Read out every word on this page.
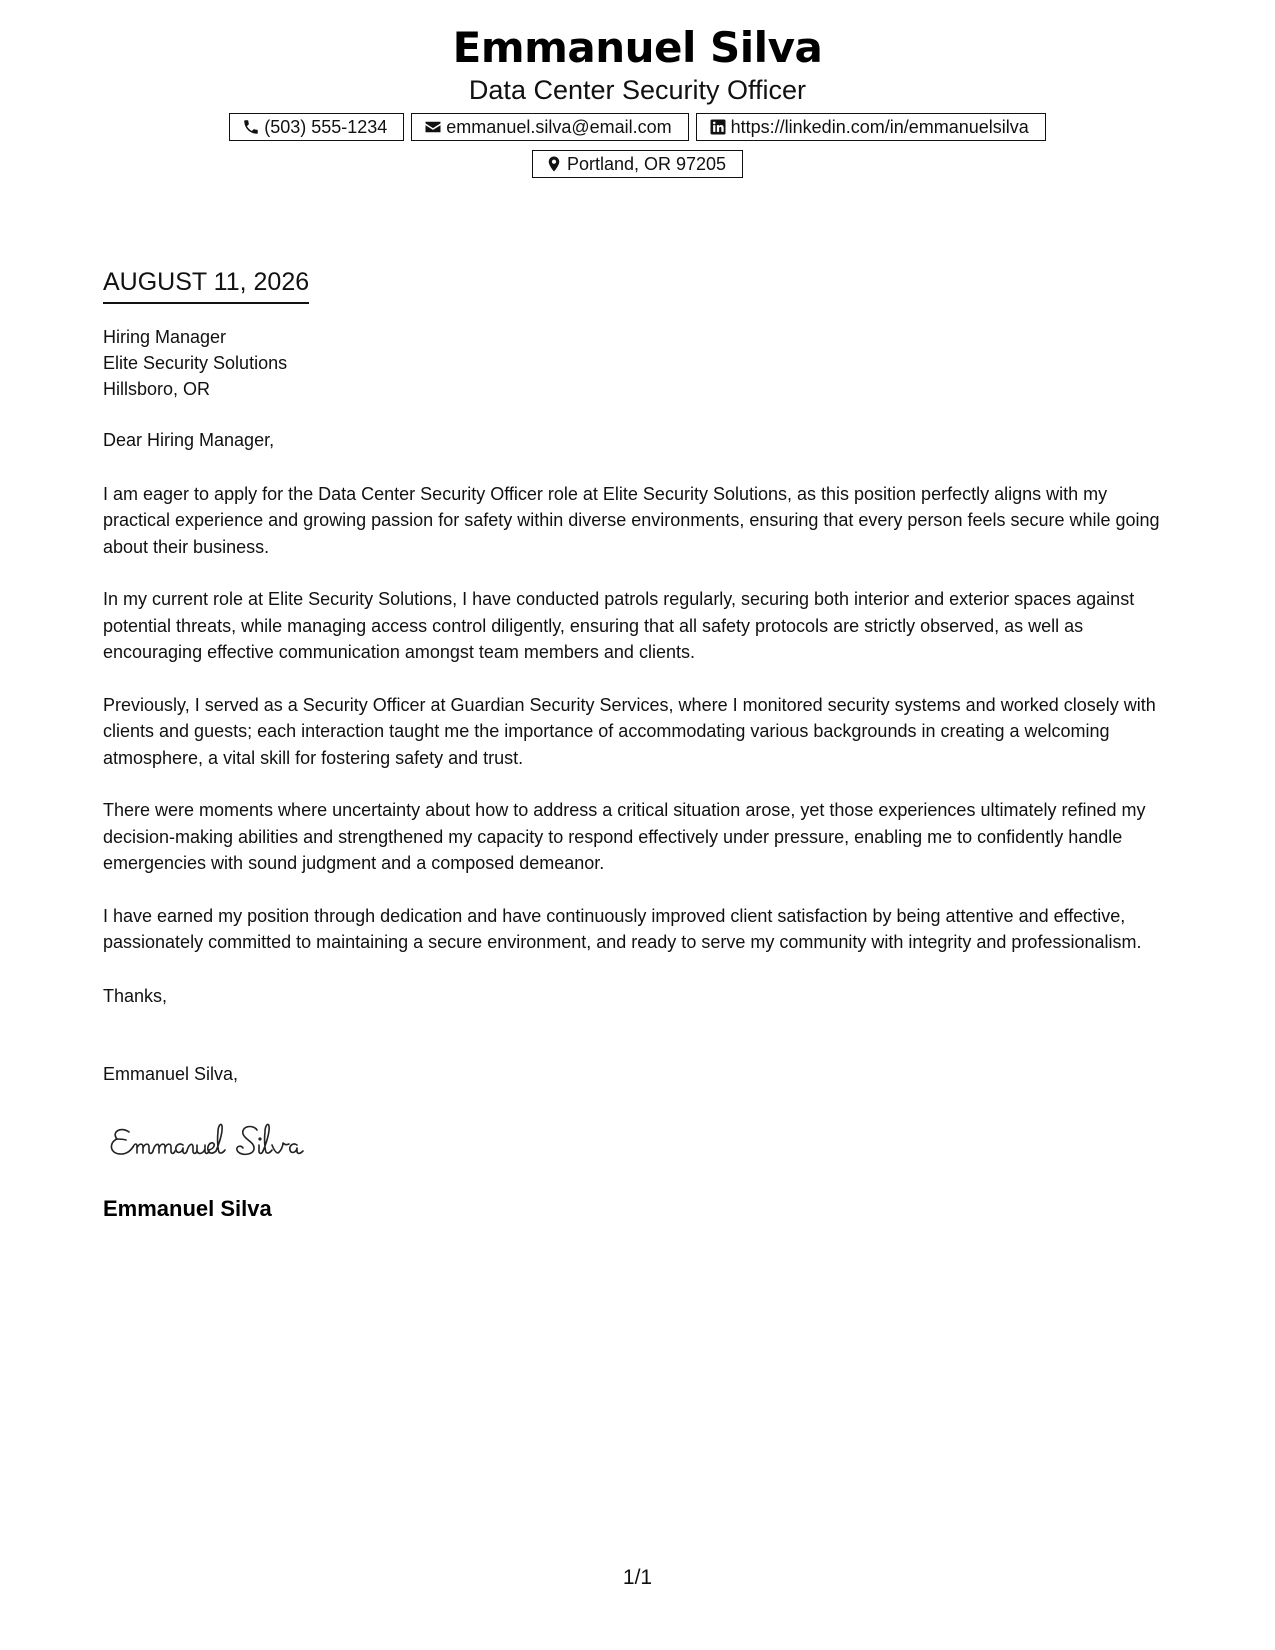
Emmanuel Silva
Data Center Security Officer
(503) 555-1234	emmanuel.silva@email.com	https://linkedin.com/in/emmanuelsilva
Portland, OR 97205
AUGUST 11, 2026
Hiring Manager
Elite Security Solutions
Hillsboro, OR

Dear Hiring Manager,

I am eager to apply for the Data Center Security Officer role at Elite Security Solutions, as this position perfectly aligns with my practical experience and growing passion for safety within diverse environments, ensuring that every person feels secure while going about their business.

In my current role at Elite Security Solutions, I have conducted patrols regularly, securing both interior and exterior spaces against potential threats, while managing access control diligently, ensuring that all safety protocols are strictly observed, as well as encouraging effective communication amongst team members and clients.

Previously, I served as a Security Officer at Guardian Security Services, where I monitored security systems and worked closely with clients and guests; each interaction taught me the importance of accommodating various backgrounds in creating a welcoming atmosphere, a vital skill for fostering safety and trust.

There were moments where uncertainty about how to address a critical situation arose, yet those experiences ultimately refined my decision-making abilities and strengthened my capacity to respond effectively under pressure, enabling me to confidently handle emergencies with sound judgment and a composed demeanor.

I have earned my position through dedication and have continuously improved client satisfaction by being attentive and effective, passionately committed to maintaining a secure environment, and ready to serve my community with integrity and professionalism.

Thanks,

Emmanuel Silva,

Emmanuel Silva
1/1
